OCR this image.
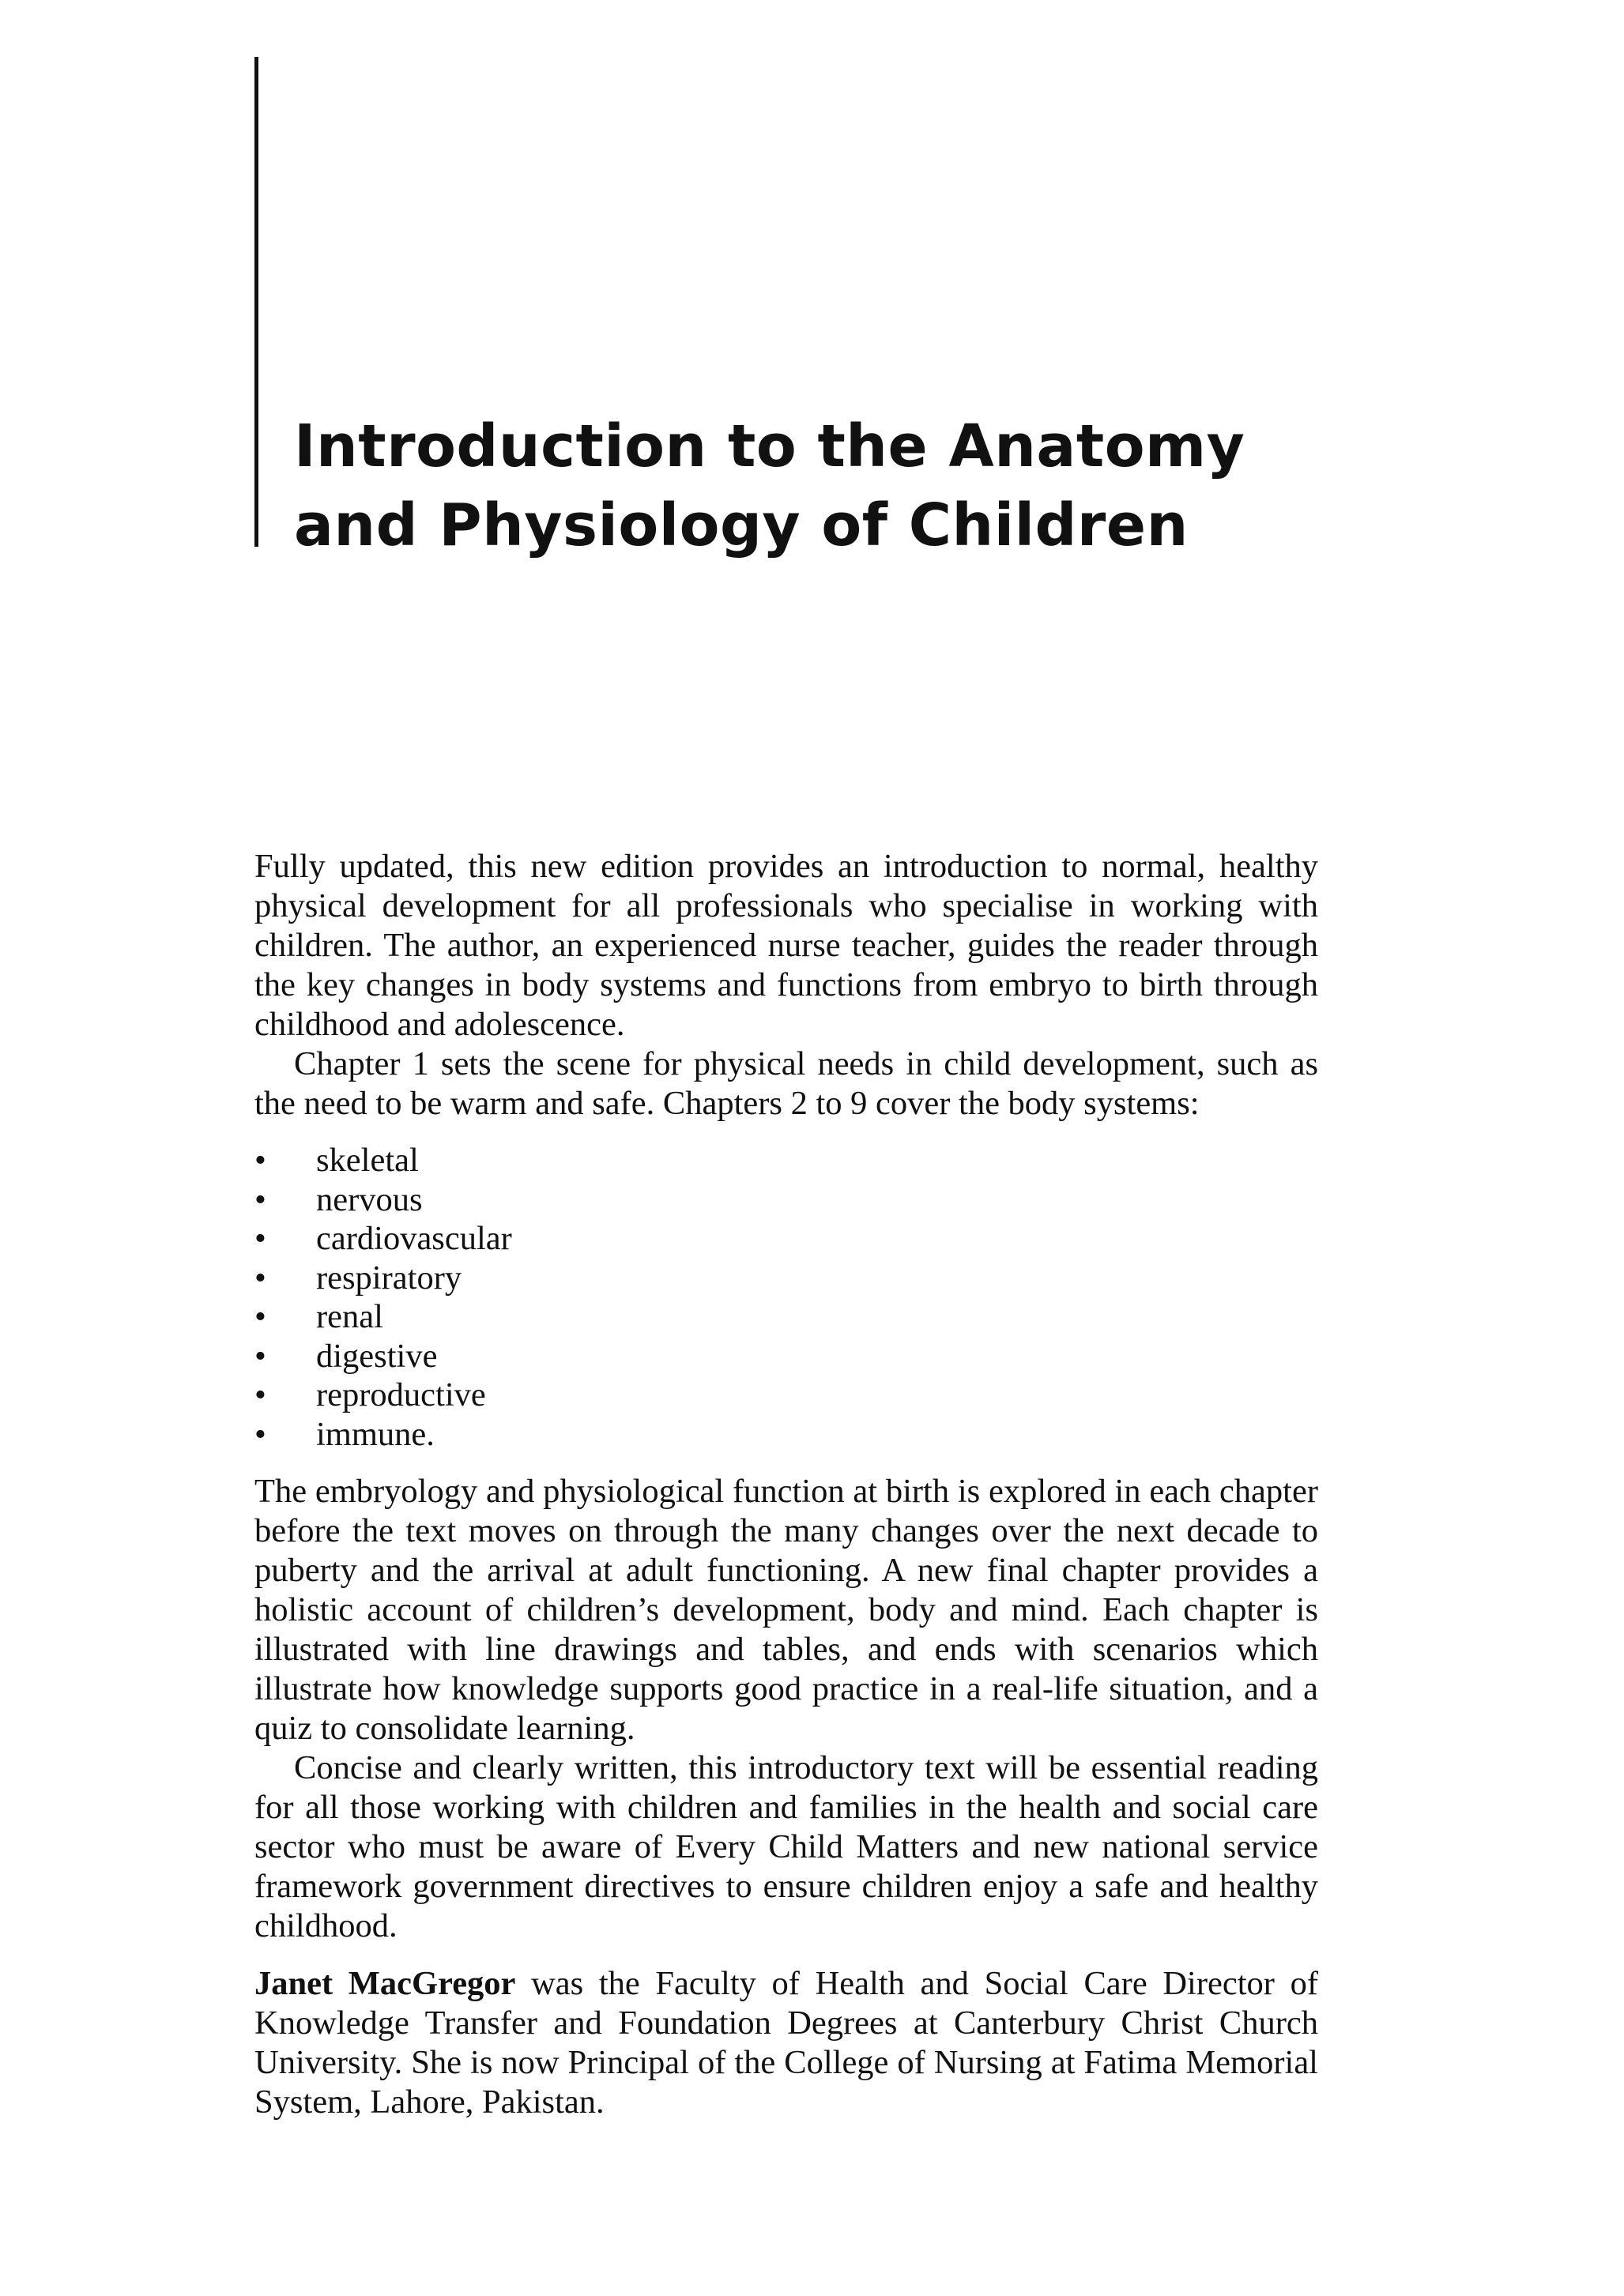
Introduction to the Anatomy
and Physiology of Children

Fully updated, this new edition provides an introduction to normal, healthy physical development for all professionals who specialise in working with children. The author, an experienced nurse teacher, guides the reader through the key changes in body systems and functions from embryo to birth through childhood and adolescence.

Chapter 1 sets the scene for physical needs in child development, such as the need to be warm and safe. Chapters 2 to 9 cover the body systems:

•	skeletal
•	nervous
•	cardiovascular
•	respiratory
•	renal
•	digestive
•	reproductive
•	immune.

The embryology and physiological function at birth is explored in each chapter before the text moves on through the many changes over the next decade to puberty and the arrival at adult functioning. A new final chapter provides a holistic account of children’s development, body and mind. Each chapter is illustrated with line drawings and tables, and ends with scenarios which illustrate how knowledge supports good practice in a real-life situation, and a quiz to consolidate learning.

Concise and clearly written, this introductory text will be essential reading for all those working with children and families in the health and social care sector who must be aware of Every Child Matters and new national service framework government directives to ensure children enjoy a safe and healthy childhood.

Janet MacGregor was the Faculty of Health and Social Care Director of Knowledge Transfer and Foundation Degrees at Canterbury Christ Church University. She is now Principal of the College of Nursing at Fatima Memorial System, Lahore, Pakistan.
